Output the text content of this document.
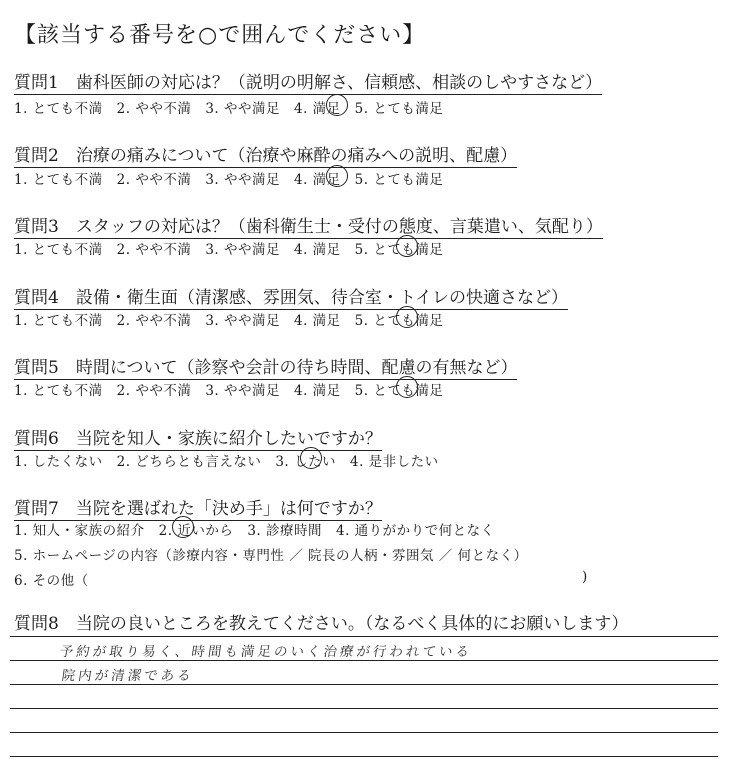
【該当する番号を○で囲んでください】
質問1　歯科医師の対応は？（説明の明解さ、信頼感、相談のしやすさなど）
1. とても不満　2. やや不満　3. やや満足　4. 満足　5. とても満足
質問2　治療の痛みについて（治療や麻酔の痛みへの説明、配慮）
1. とても不満　2. やや不満　3. やや満足　4. 満足　5. とても満足
質問3　スタッフの対応は？（歯科衛生士・受付の態度、言葉遣い、気配り）
1. とても不満　2. やや不満　3. やや満足　4. 満足　5. とても満足
質問4　設備・衛生面（清潔感、雰囲気、待合室・トイレの快適さなど）
1. とても不満　2. やや不満　3. やや満足　4. 満足　5. とても満足
質問5　時間について（診察や会計の待ち時間、配慮の有無など）
1. とても不満　2. やや不満　3. やや満足　4. 満足　5. とても満足
質問6　当院を知人・家族に紹介したいですか？
1. したくない　2. どちらとも言えない　3. したい　4. 是非したい
質問7　当院を選ばれた「決め手」は何ですか？
1. 知人・家族の紹介　2. 近いから　3. 診療時間　4. 通りがかりで何となく
5. ホームページの内容（診療内容・専門性 ／ 院長の人柄・雰囲気 ／ 何となく）
6. その他（	)
質問8　当院の良いところを教えてください。（なるべく具体的にお願いします）
予約が取り易く、時間も満足のいく治療が行われている
院内が清潔である
